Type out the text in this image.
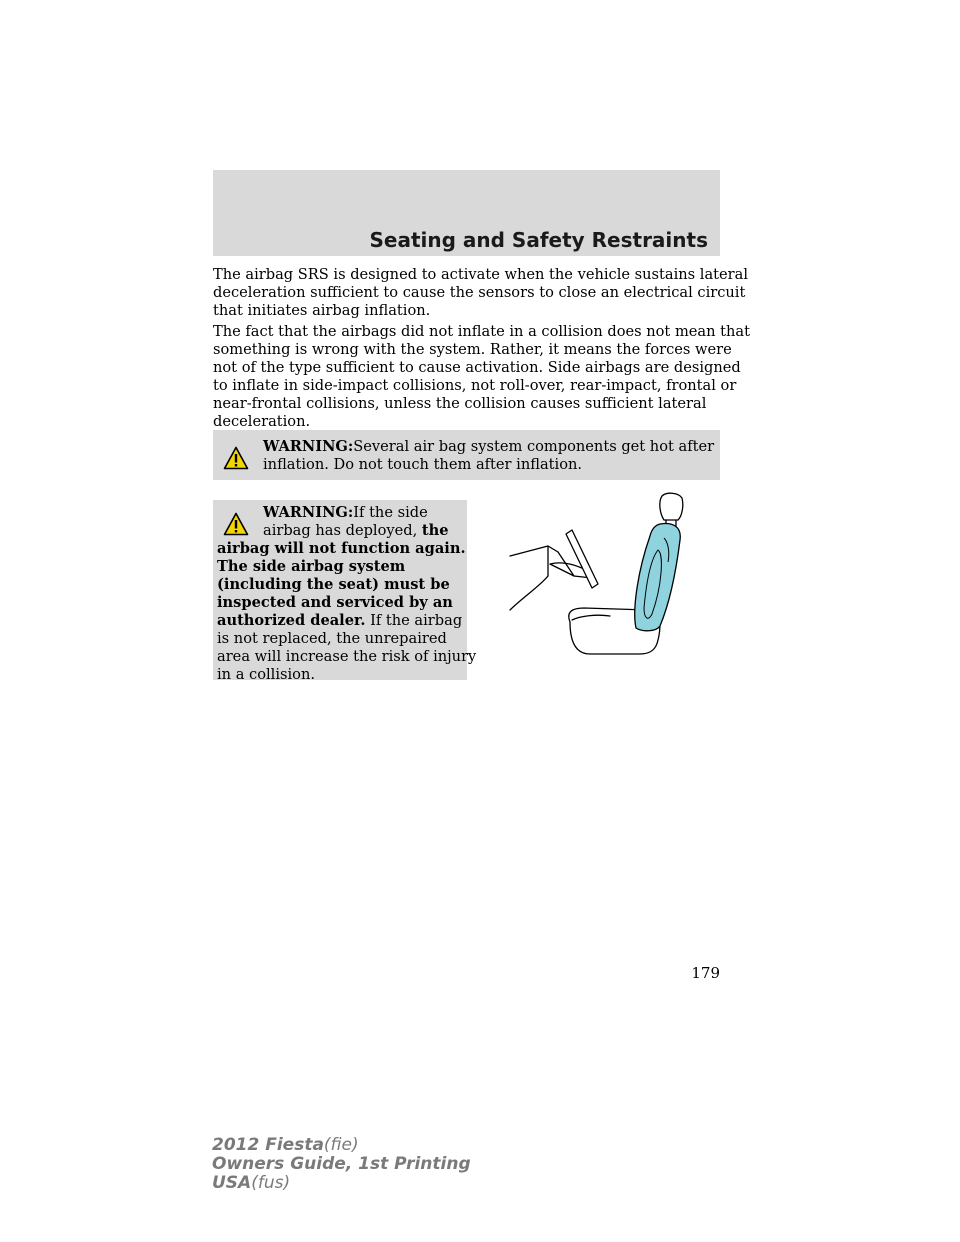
Seating and Safety Restraints
The airbag SRS is designed to activate when the vehicle sustains lateral
deceleration sufficient to cause the sensors to close an electrical circuit
that initiates airbag inflation.
The fact that the airbags did not inflate in a collision does not mean that
something is wrong with the system. Rather, it means the forces were
not of the type sufficient to cause activation. Side airbags are designed
to inflate in side-impact collisions, not roll-over, rear-impact, frontal or
near-frontal collisions, unless the collision causes sufficient lateral
deceleration.
WARNING:Several air bag system components get hot after
inflation. Do not touch them after inflation.
WARNING:If the side
airbag has deployed, the
airbag will not function again.
The side airbag system
(including the seat) must be
inspected and serviced by an
authorized dealer. If the airbag
is not replaced, the unrepaired
area will increase the risk of injury
in a collision.
179
2012 Fiesta(fie)
Owners Guide, 1st Printing
USA(fus)
